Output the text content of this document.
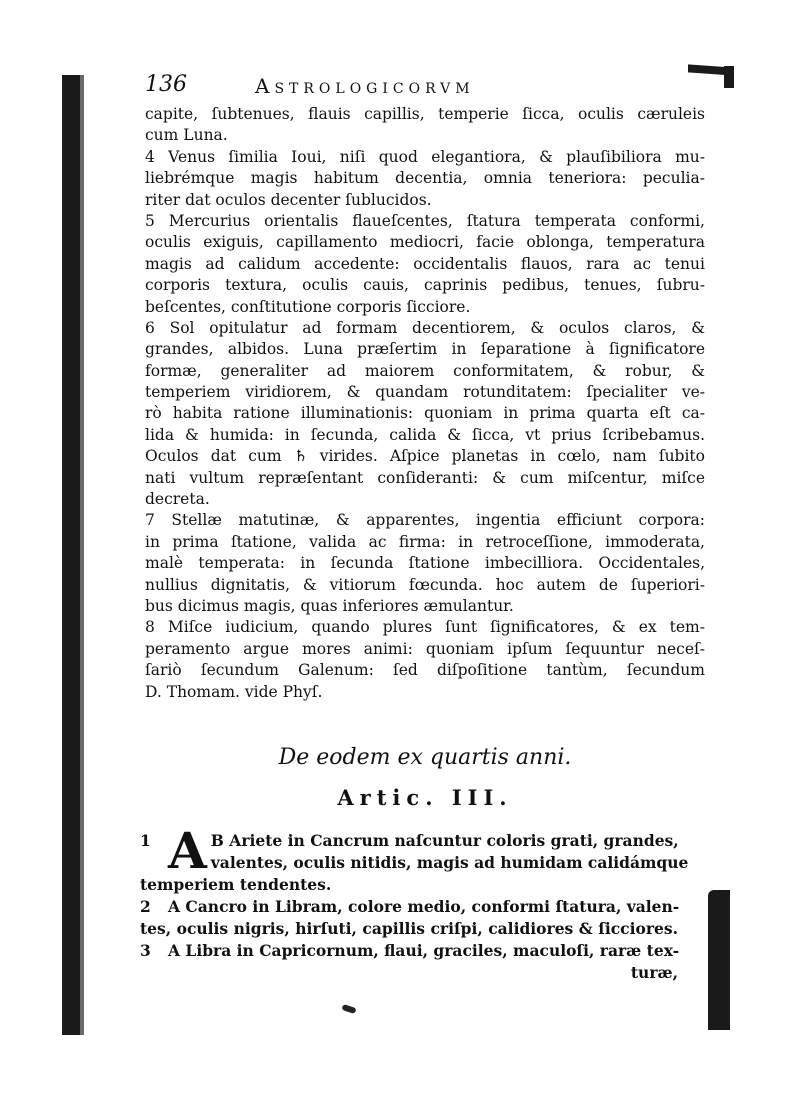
136	Astrologicorvm
capite, ſubtenues, flauis capillis, temperie ſicca, oculis cæruleis
cum Luna.
4 Venus ſimilia Ioui, niſi quod elegantiora, & plauſibiliora mu-
liebrémque magis habitum decentia, omnia teneriora: peculia-
riter dat oculos decenter ſublucidos.
5 Mercurius orientalis flaueſcentes, ſtatura temperata conformi,
oculis exiguis, capillamento mediocri, facie oblonga, temperatura
magis ad calidum accedente: occidentalis flauos, rara ac tenui
corporis textura, oculis cauis, caprinis pedibus, tenues, ſubru-
beſcentes, conſtitutione corporis ſicciore.
6 Sol opitulatur ad formam decentiorem, & oculos claros, &
grandes, albidos. Luna præſertim in ſeparatione à ſignificatore
formæ, generaliter ad maiorem conformitatem, & robur, &
temperiem viridiorem, & quandam rotunditatem: ſpecialiter ve-
rò habita ratione illuminationis: quoniam in prima quarta eſt ca-
lida & humida: in ſecunda, calida & ſicca, vt prius ſcribebamus.
Oculos dat cum ♄ virides. Aſpice planetas in cœlo, nam ſubito
nati vultum repræſentant conſideranti: & cum miſcentur, miſce
decreta.
7 Stellæ matutinæ, & apparentes, ingentia efficiunt corpora:
in prima ſtatione, valida ac firma: in retroceſſione, immoderata,
malè temperata: in ſecunda ſtatione imbecilliora. Occidentales,
nullius dignitatis, & vitiorum fœcunda. hoc autem de ſuperiori-
bus dicimus magis, quas inferiores æmulantur.
8 Miſce iudicium, quando plures ſunt ſignificatores, & ex tem-
peramento argue mores animi: quoniam ipſum ſequuntur neceſ-
ſariò ſecundum Galenum: ſed diſpoſitione tantùm, ſecundum
D. Thomam. vide Phyſ.
De eodem ex quartis anni.
Artic. III.
1 A B Ariete in Cancrum naſcuntur coloris grati, grandes,
valentes, oculis nitidis, magis ad humidam calidámque
temperiem tendentes.
2 A Cancro in Libram, colore medio, conformi ſtatura, valen-
tes, oculis nigris, hirſuti, capillis criſpi, calidiores & ſicciores.
3 A Libra in Capricornum, flaui, graciles, maculoſi, raræ tex-
turæ,
